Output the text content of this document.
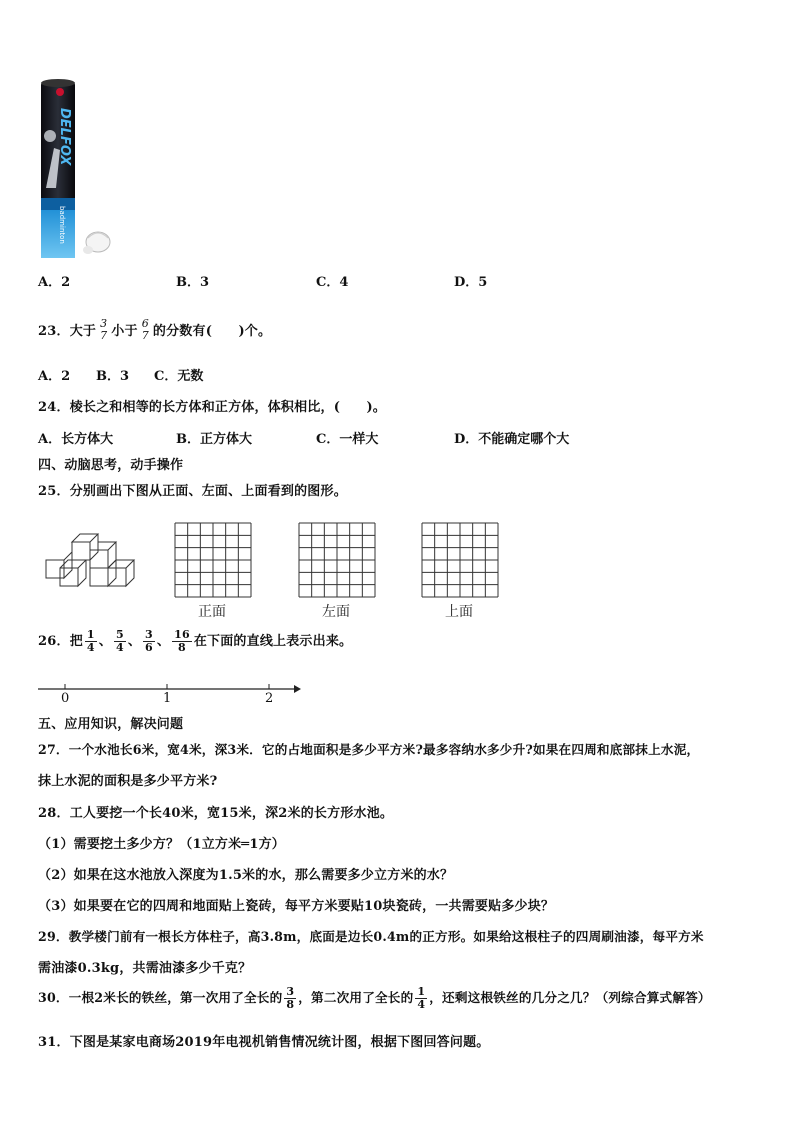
DELFOX
badminton
A．2	B．3	C．4	D．5
23．大于
3
7 小于
6
7 的分数有(　　)个。
A．2 B．3 C．无数
24．棱长之和相等的长方体和正方体，体积相比，(　　)。
A．长方体大	B．正方体大	C．一样大	D．不能确定哪个大
四、动脑思考，动手操作
25．分别画出下图从正面、左面、上面看到的图形。
正面	左面	上面
26．把 $\frac{1}{4}$ 、 $\frac{5}{4}$ 、 $\frac{3}{6}$ 、 $\frac{16}{8}$ 在下面的直线上表示出来。
0	1	2
五、应用知识，解决问题
27．一个水池长6米，宽4米，深3米．它的占地面积是多少平方米?最多容纳水多少升?如果在四周和底部抹上水泥，
抹上水泥的面积是多少平方米?
28．工人要挖一个长40米，宽15米，深2米的长方形水池。
（1）需要挖土多少方？（1立方米═1方）
（2）如果在这水池放入深度为1.5米的水，那么需要多少立方米的水？
（3）如果要在它的四周和地面贴上瓷砖，每平方米要贴10块瓷砖，一共需要贴多少块？
29．教学楼门前有一根长方体柱子，高3.8m，底面是边长0.4m的正方形。如果给这根柱子的四周刷油漆，每平方米
需油漆0.3kg，共需油漆多少千克？
30．一根2米长的铁丝，第一次用了全长的 $\frac{3}{8}$ ，第二次用了全长的 $\frac{1}{4}$ ，还剩这根铁丝的几分之几？（列综合算式解答）
31．下图是某家电商场2019年电视机销售情况统计图，根据下图回答问题。
